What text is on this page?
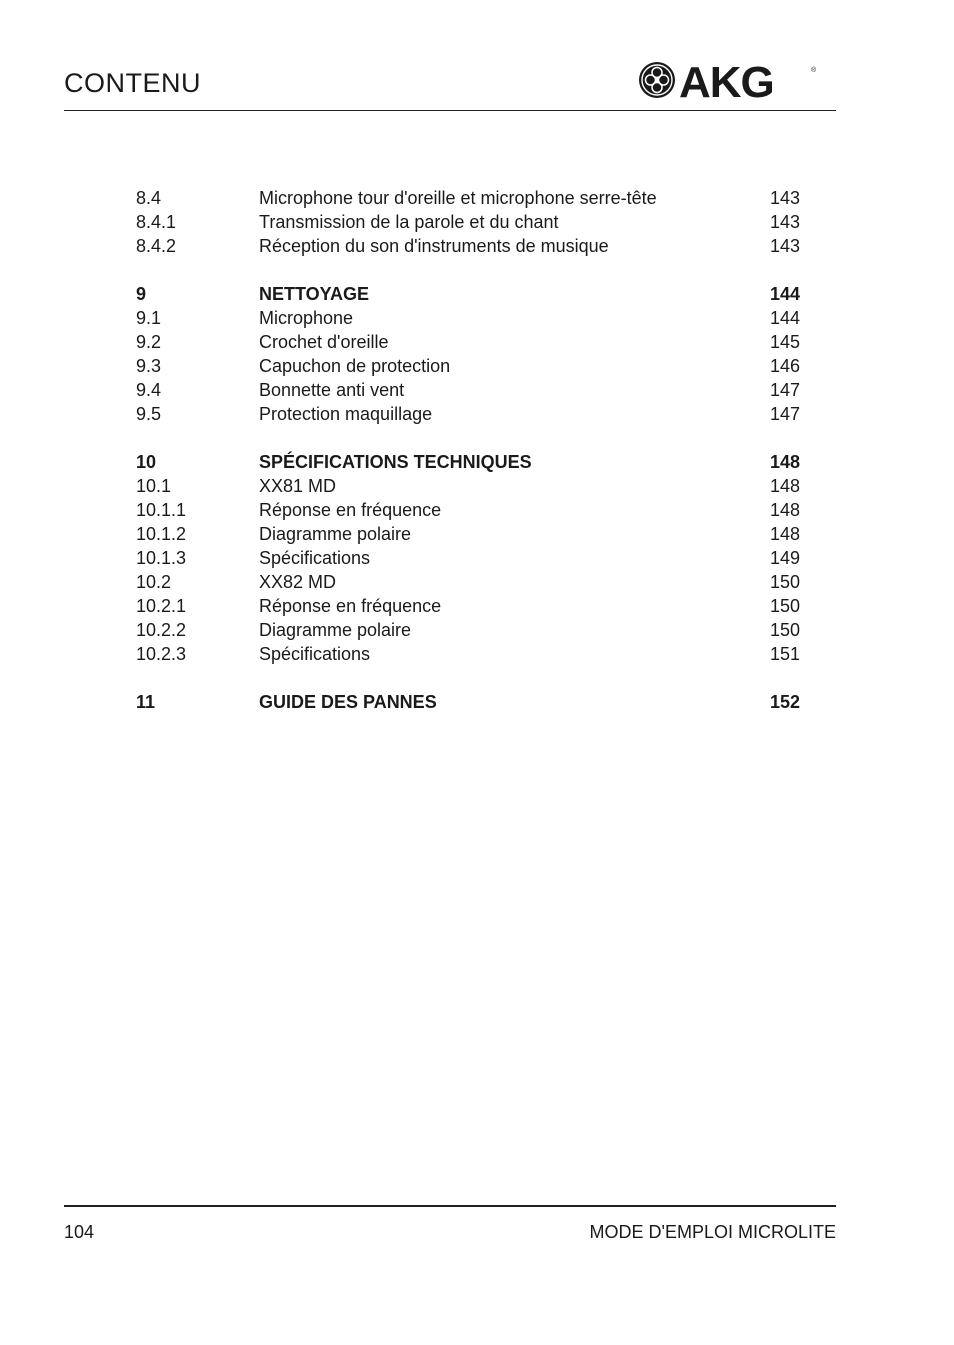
CONTENU	AKG	®
8.4	Microphone tour d'oreille et microphone serre-tête	143
8.4.1	Transmission de la parole et du chant	143
8.4.2	Réception du son d'instruments de musique	143
9	NETTOYAGE	144
9.1	Microphone	144
9.2	Crochet d'oreille	145
9.3	Capuchon de protection	146
9.4	Bonnette anti vent	147
9.5	Protection maquillage	147
10	SPÉCIFICATIONS TECHNIQUES	148
10.1	XX81 MD	148
10.1.1	Réponse en fréquence	148
10.1.2	Diagramme polaire	148
10.1.3	Spécifications	149
10.2	XX82 MD	150
10.2.1	Réponse en fréquence	150
10.2.2	Diagramme polaire	150
10.2.3	Spécifications	151
11	GUIDE DES PANNES	152
104	MODE D'EMPLOI MICROLITE
